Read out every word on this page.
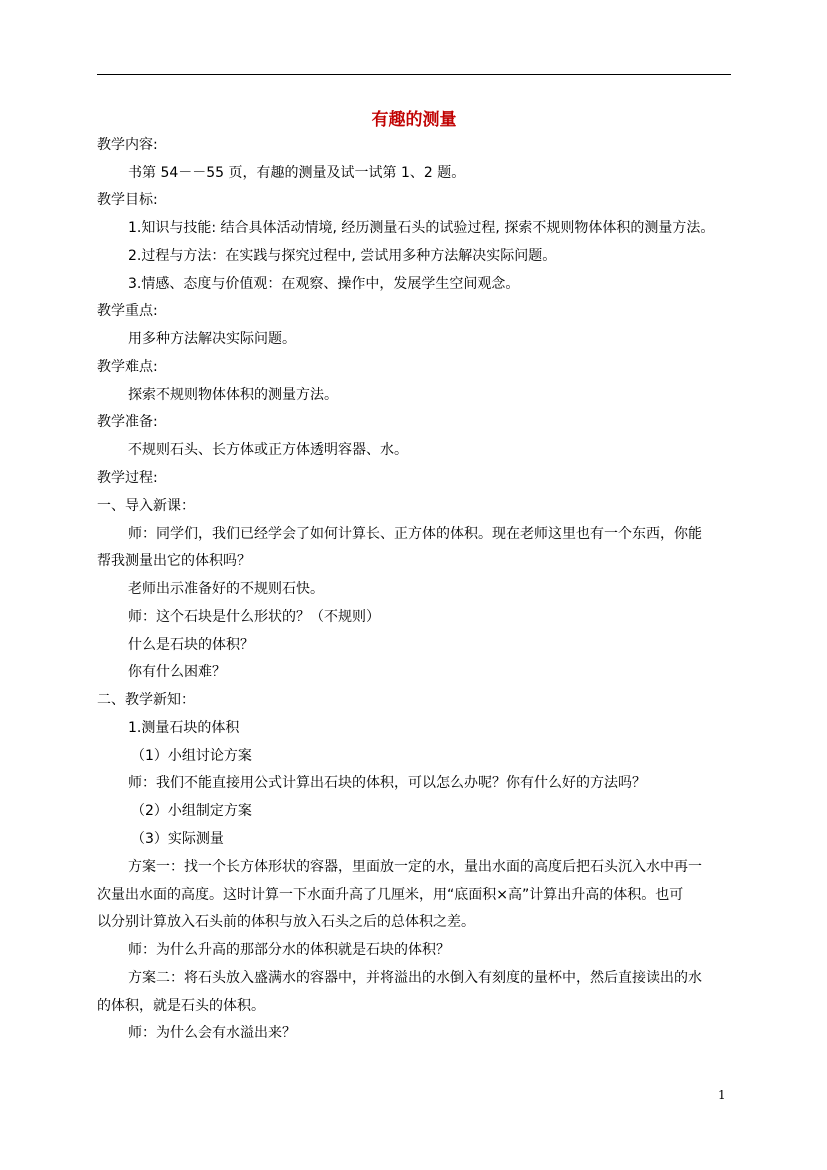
有趣的测量
教学内容:
书第 54－－55 页，有趣的测量及试一试第 1、2 题。
教学目标:
1.知识与技能: 结合具体活动情境, 经历测量石头的试验过程, 探索不规则物体体积的测量方法。
2.过程与方法：在实践与探究过程中, 尝试用多种方法解决实际问题。
3.情感、态度与价值观：在观察、操作中，发展学生空间观念。
教学重点:
用多种方法解决实际问题。
教学难点:
探索不规则物体体积的测量方法。
教学准备:
不规则石头、长方体或正方体透明容器、水。
教学过程:
一、导入新课：
师：同学们，我们已经学会了如何计算长、正方体的体积。现在老师这里也有一个东西，你能
帮我测量出它的体积吗？
老师出示准备好的不规则石快。
师：这个石块是什么形状的？（不规则）
什么是石块的体积？
你有什么困难？
二、教学新知：
1.测量石块的体积
（1）小组讨论方案
师：我们不能直接用公式计算出石块的体积，可以怎么办呢？你有什么好的方法吗？
（2）小组制定方案
（3）实际测量
方案一：找一个长方体形状的容器，里面放一定的水，量出水面的高度后把石头沉入水中再一
次量出水面的高度。这时计算一下水面升高了几厘米，用“底面积×高”计算出升高的体积。也可
以分别计算放入石头前的体积与放入石头之后的总体积之差。
师：为什么升高的那部分水的体积就是石块的体积？
方案二：将石头放入盛满水的容器中，并将溢出的水倒入有刻度的量杯中，然后直接读出的水
的体积，就是石头的体积。
师：为什么会有水溢出来？
1
